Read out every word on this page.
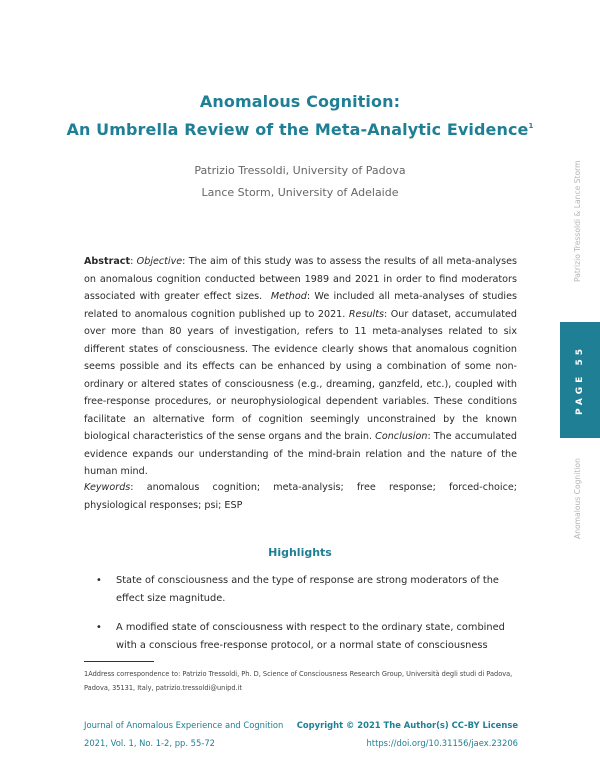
Anomalous Cognition:
An Umbrella Review of the Meta-Analytic Evidence$^1$
Patrizio Tressoldi, University of Padova
Lance Storm, University of Adelaide

Abstract: Objective: The aim of this study was to assess the results of all meta-analyses on anomalous cognition conducted between 1989 and 2021 in order to find moderators associated with greater effect sizes. Method: We included all meta-analyses of studies related to anomalous cognition published up to 2021. Results: Our dataset, accumulated over more than 80 years of investigation, refers to 11 meta-analyses related to six different states of consciousness. The evidence clearly shows that anomalous cognition seems possible and its effects can be enhanced by using a combination of some non-ordinary or altered states of consciousness (e.g., dreaming, ganzfeld, etc.), coupled with free-response procedures, or neurophysiological dependent variables. These conditions facilitate an alternative form of cognition seemingly unconstrained by the known biological characteristics of the sense organs and the brain. Conclusion: The accumulated evidence expands our understanding of the mind-brain relation and the nature of the human mind.

Keywords: anomalous cognition; meta-analysis; free response; forced-choice; physiological responses; psi; ESP

Highlights
• State of consciousness and the type of response are strong moderators of the effect size magnitude.
• A modified state of consciousness with respect to the ordinary state, combined with a conscious free-response protocol, or a normal state of consciousness

1Address correspondence to: Patrizio Tressoldi, Ph. D, Science of Consciousness Research Group, Università degli studi di Padova, Padova, 35131, Italy, patrizio.tressoldi@unipd.it

Journal of Anomalous Experience and Cognition
2021, Vol. 1, No. 1-2, pp. 55-72
Copyright © 2021 The Author(s) CC-BY License
https://doi.org/10.31156/jaex.23206
Patrizio Tressoldi & Lance Storm
PAGE 55
Anomalous Cognition
